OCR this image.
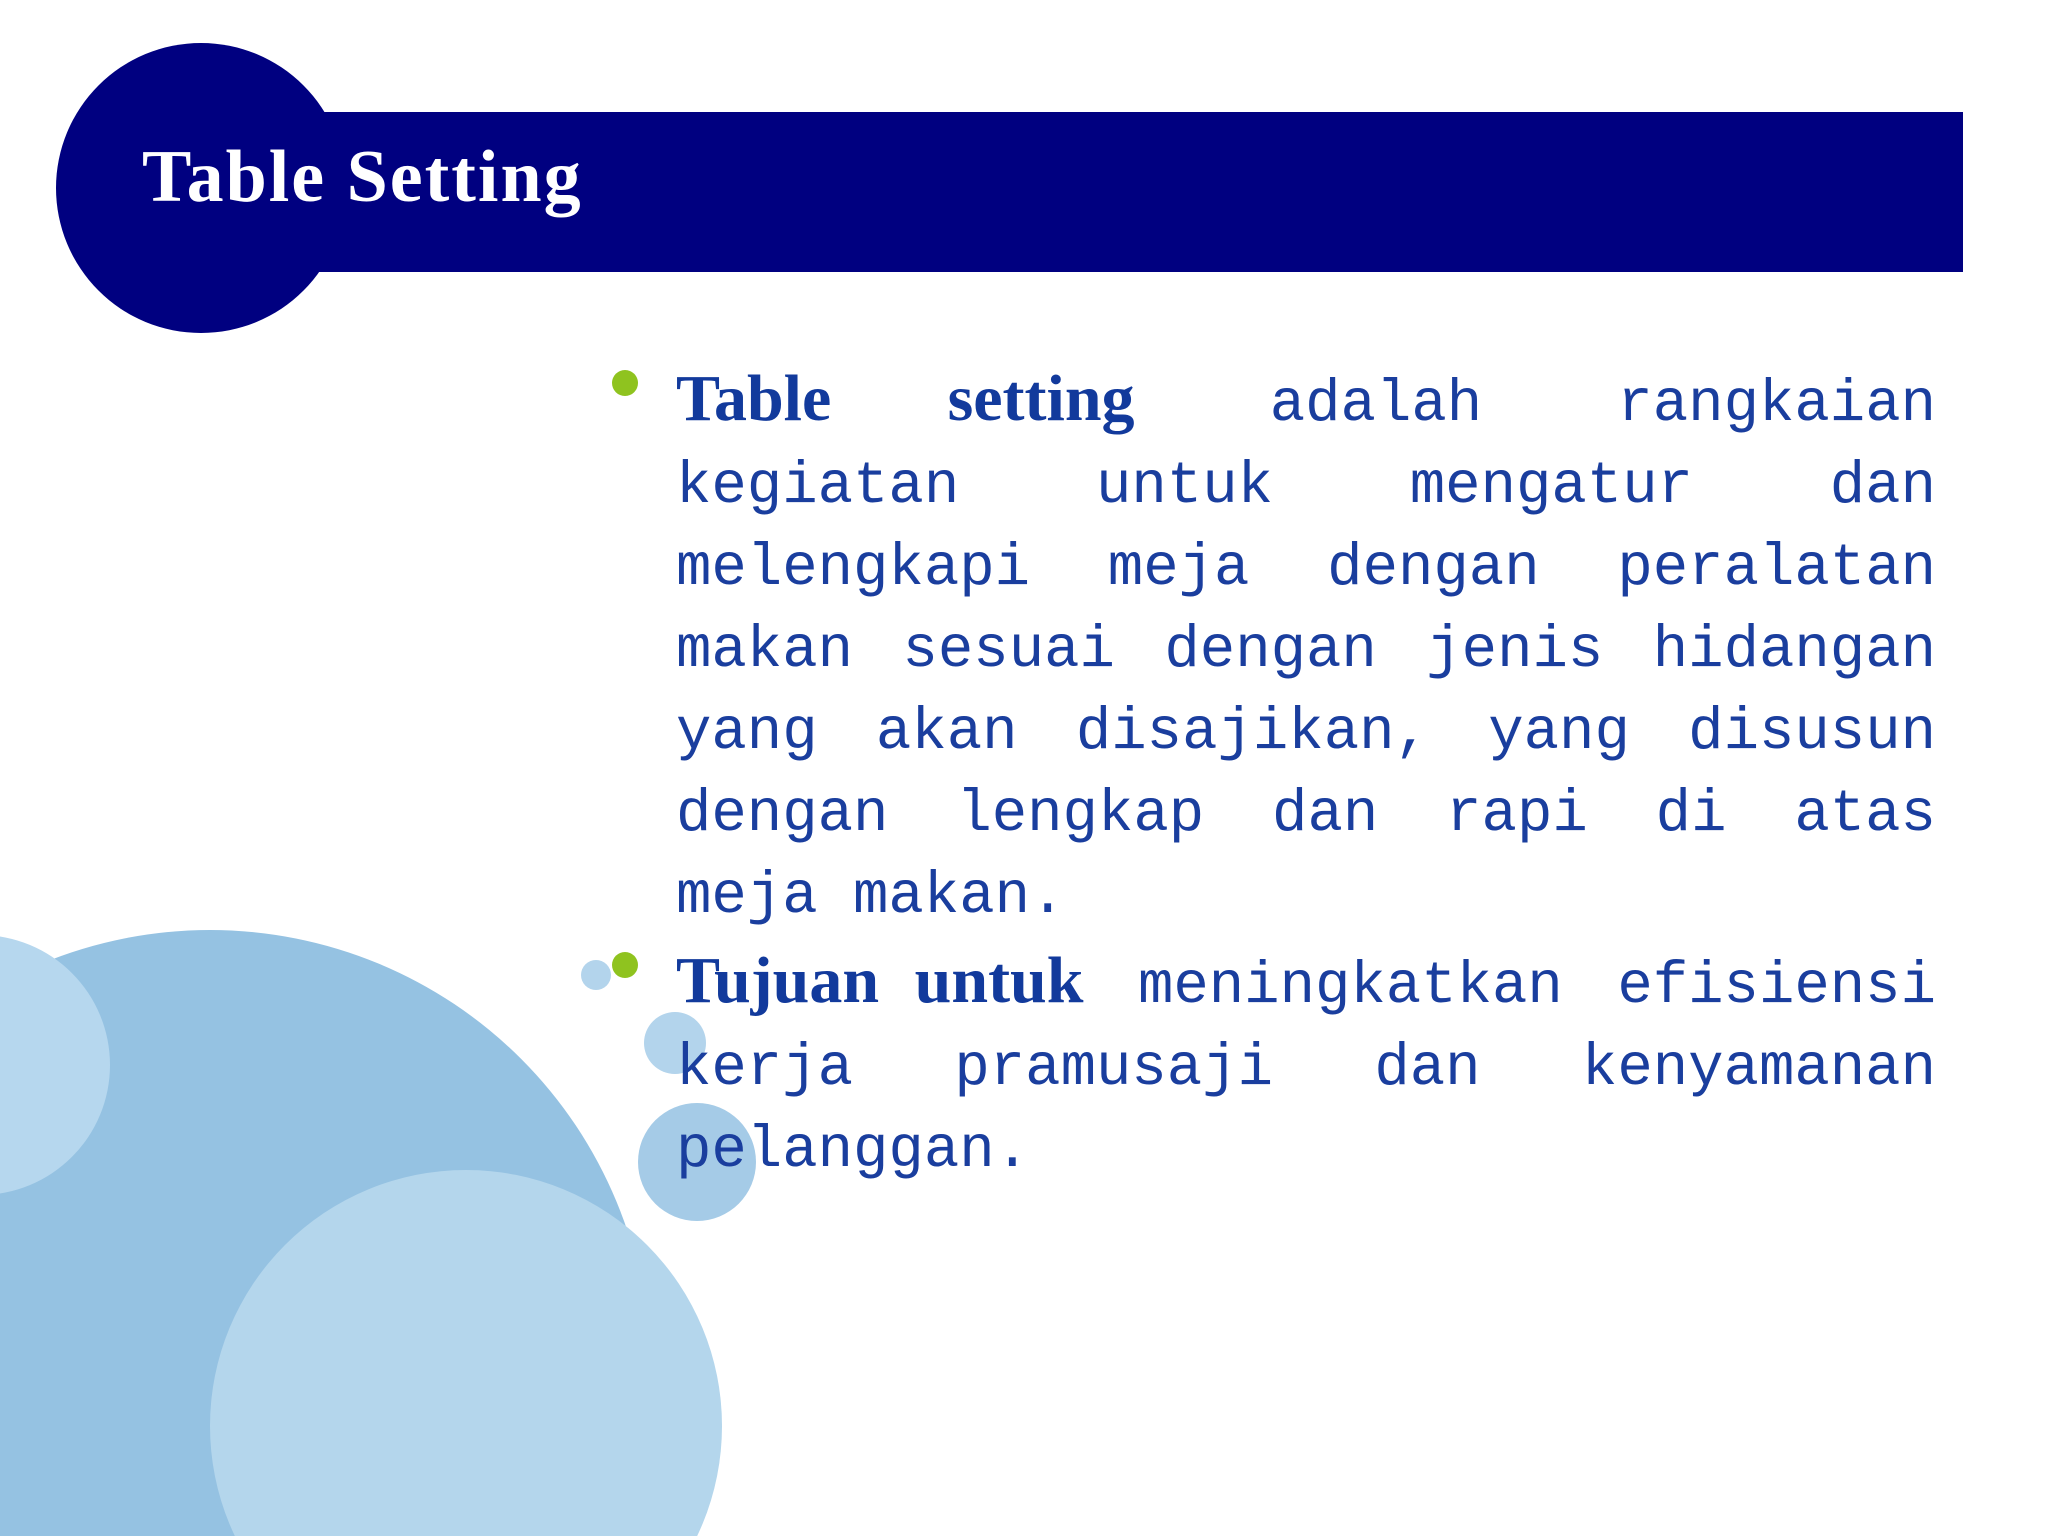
Table Setting
Table setting adalah rangkaian kegiatan untuk mengatur dan melengkapi meja dengan peralatan makan sesuai dengan jenis hidangan yang akan disajikan, yang disusun dengan lengkap dan rapi di atas meja makan.
Tujuan untuk meningkatkan efisiensi kerja pramusaji dan kenyamanan pelanggan.
